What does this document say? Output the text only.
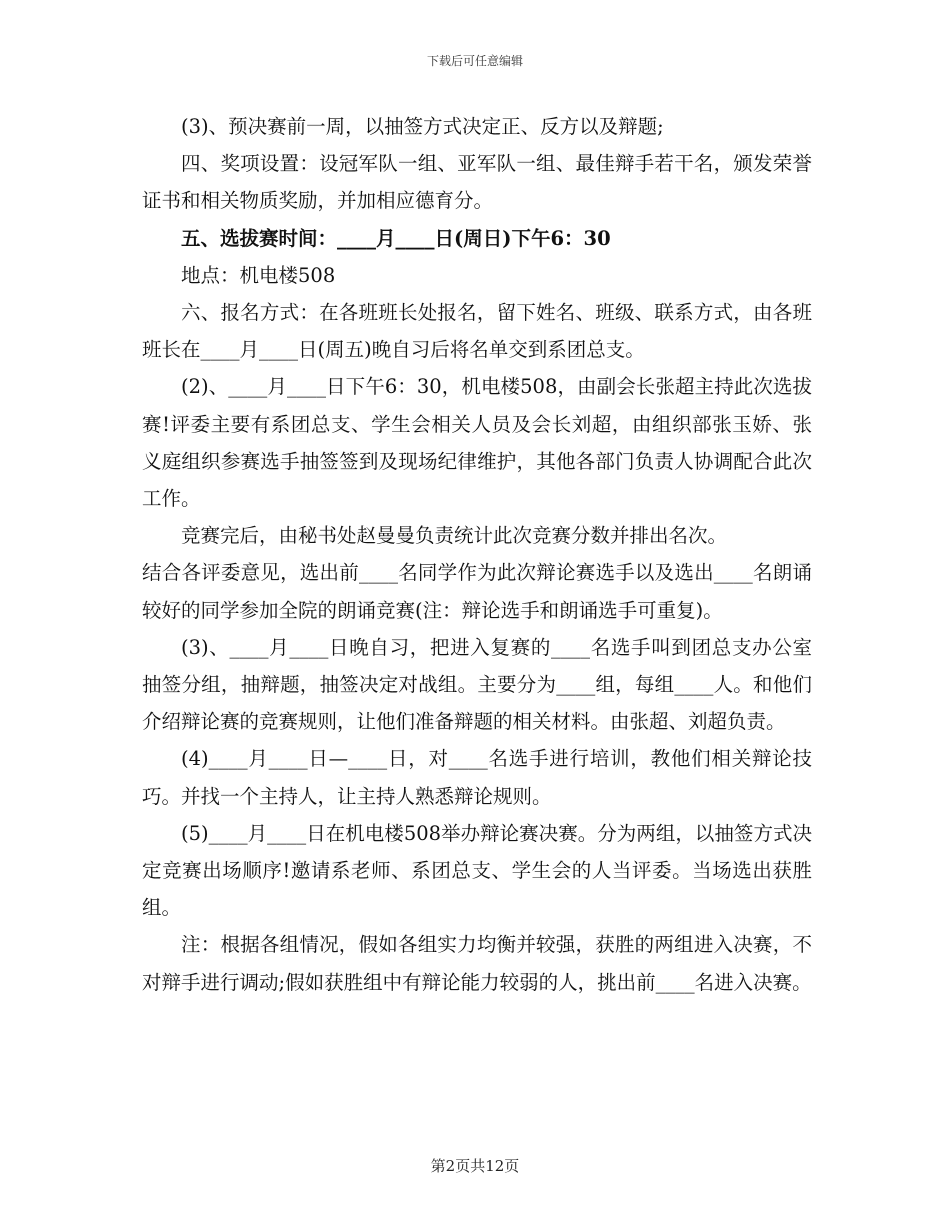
下载后可任意编辑

(3)、预决赛前一周，以抽签方式决定正、反方以及辩题;

四、奖项设置：设冠军队一组、亚军队一组、最佳辩手若干名，颁发荣誉证书和相关物质奖励，并加相应德育分。

五、选拔赛时间：____月____日(周日)下午6：30

地点：机电楼508

六、报名方式：在各班班长处报名，留下姓名、班级、联系方式，由各班班长在____月____日(周五)晚自习后将名单交到系团总支。

(2)、____月____日下午6：30，机电楼508，由副会长张超主持此次选拔赛!评委主要有系团总支、学生会相关人员及会长刘超，由组织部张玉娇、张义庭组织参赛选手抽签签到及现场纪律维护，其他各部门负责人协调配合此次工作。

竞赛完后，由秘书处赵曼曼负责统计此次竞赛分数并排出名次。

结合各评委意见，选出前____名同学作为此次辩论赛选手以及选出____名朗诵较好的同学参加全院的朗诵竞赛(注：辩论选手和朗诵选手可重复)。

(3)、____月____日晚自习，把进入复赛的____名选手叫到团总支办公室抽签分组，抽辩题，抽签决定对战组。主要分为____组，每组____人。和他们介绍辩论赛的竞赛规则，让他们准备辩题的相关材料。由张超、刘超负责。

(4)____月____日—____日，对____名选手进行培训，教他们相关辩论技巧。并找一个主持人，让主持人熟悉辩论规则。

(5)____月____日在机电楼508举办辩论赛决赛。分为两组，以抽签方式决定竞赛出场顺序!邀请系老师、系团总支、学生会的人当评委。当场选出获胜组。

注：根据各组情况，假如各组实力均衡并较强，获胜的两组进入决赛，不对辩手进行调动;假如获胜组中有辩论能力较弱的人，挑出前____名进入决赛。

第2页共12页
